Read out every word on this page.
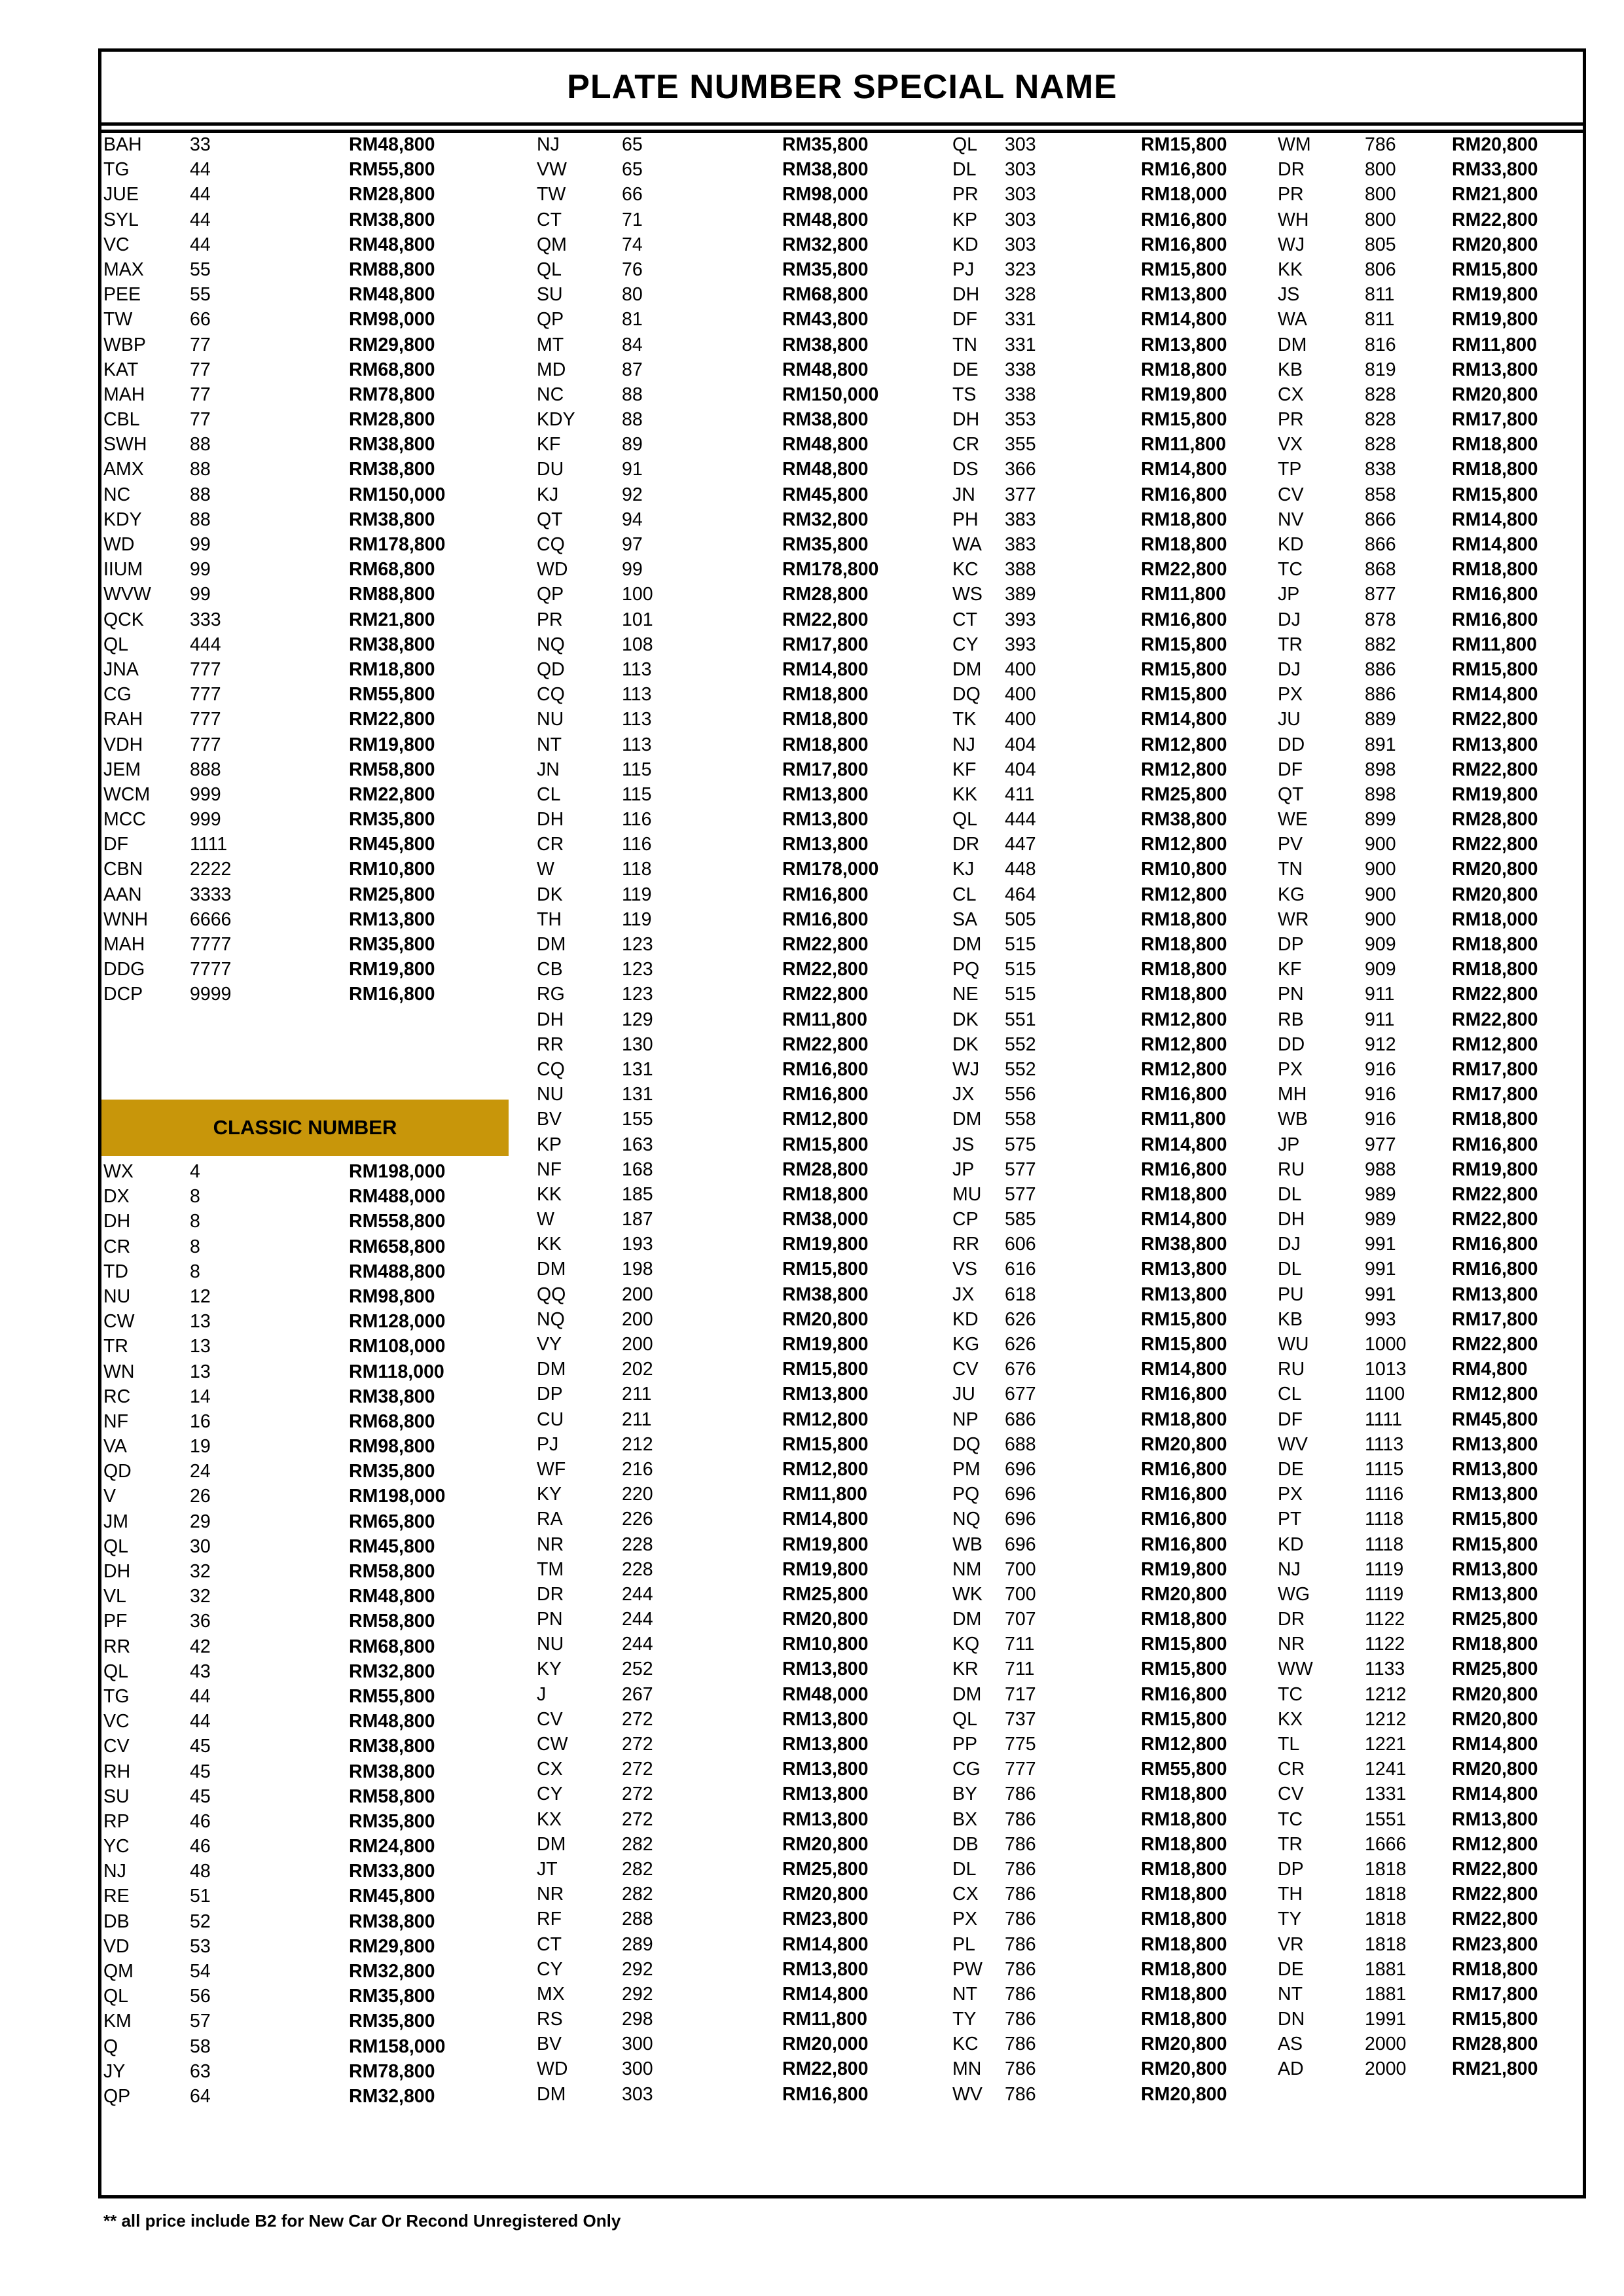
PLATE NUMBER SPECIAL NAME
BAH	33	RM48,800
TG	44	RM55,800
JUE	44	RM28,800
SYL	44	RM38,800
VC	44	RM48,800
MAX 55	RM88,800
PEE	55	RM48,800
TW	66	RM98,000
WBP 77	RM29,800
KAT	77	RM68,800
MAH 77	RM78,800
CBL	77	RM28,800
SWH 88	RM38,800
AMX 88	RM38,800
NC	88	RM150,000
KDY	88	RM38,800
WD	99	RM178,800
IIUM	99	RM68,800
WVW 99	RM88,800
QCK 333	RM21,800
QL	444	RM38,800
JNA	777	RM18,800
CG	777	RM55,800
RAH	777	RM22,800
VDH	777	RM19,800
JEM	888	RM58,800
WCM 999	RM22,800
MCC 999	RM35,800
DF	1111	RM45,800
CBN	2222	RM10,800
AAN	3333	RM25,800
WNH 6666	RM13,800
MAH 7777	RM35,800
DDG 7777	RM19,800
DCP	9999	RM16,800
CLASSIC NUMBER
WX	4	RM198,000
DX	8	RM488,000
DH	8	RM558,800
CR	8	RM658,800
TD	8	RM488,800
NU	12	RM98,800
CW	13	RM128,000
TR	13	RM108,000
WN	13	RM118,000
RC	14	RM38,800
NF	16	RM68,800
VA	19	RM98,800
QD	24	RM35,800
V	26	RM198,000
JM	29	RM65,800
QL	30	RM45,800
DH	32	RM58,800
VL	32	RM48,800
PF	36	RM58,800
RR	42	RM68,800
QL	43	RM32,800
TG	44	RM55,800
VC	44	RM48,800
CV	45	RM38,800
RH	45	RM38,800
SU	45	RM58,800
RP	46	RM35,800
YC	46	RM24,800
NJ	48	RM33,800
RE	51	RM45,800
DB	52	RM38,800
VD	53	RM29,800
QM	54	RM32,800
QL	56	RM35,800
KM	57	RM35,800
Q	58	RM158,000
JY	63	RM78,800
QP	64	RM32,800
NJ	65	RM35,800
VW	65	RM38,800
TW	66	RM98,000
CT	71	RM48,800
QM	74	RM32,800
QL	76	RM35,800
SU	80	RM68,800
QP	81	RM43,800
MT	84	RM38,800
MD	87	RM48,800
NC	88	RM150,000
KDY	88	RM38,800
KF	89	RM48,800
DU	91	RM48,800
KJ	92	RM45,800
QT	94	RM32,800
CQ	97	RM35,800
WD	99	RM178,800
QP	100	RM28,800
PR	101	RM22,800
NQ	108	RM17,800
QD	113	RM14,800
CQ	113	RM18,800
NU	113	RM18,800
NT	113	RM18,800
JN	115	RM17,800
CL	115	RM13,800
DH	116	RM13,800
CR	116	RM13,800
W	118	RM178,000
DK	119	RM16,800
TH	119	RM16,800
DM	123	RM22,800
CB	123	RM22,800
RG	123	RM22,800
DH	129	RM11,800
RR	130	RM22,800
CQ	131	RM16,800
NU	131	RM16,800
BV	155	RM12,800
KP	163	RM15,800
NF	168	RM28,800
KK	185	RM18,800
W	187	RM38,000
KK	193	RM19,800
DM	198	RM15,800
QQ	200	RM38,800
NQ	200	RM20,800
VY	200	RM19,800
DM	202	RM15,800
DP	211	RM13,800
CU	211	RM12,800
PJ	212	RM15,800
WF	216	RM12,800
KY	220	RM11,800
RA	226	RM14,800
NR	228	RM19,800
TM	228	RM19,800
DR	244	RM25,800
PN	244	RM20,800
NU	244	RM10,800
KY	252	RM13,800
J	267	RM48,000
CV	272	RM13,800
CW	272	RM13,800
CX	272	RM13,800
CY	272	RM13,800
KX	272	RM13,800
DM	282	RM20,800
JT	282	RM25,800
NR	282	RM20,800
RF	288	RM23,800
CT	289	RM14,800
CY	292	RM13,800
MX	292	RM14,800
RS	298	RM11,800
BV	300	RM20,000
WD	300	RM22,800
DM	303	RM16,800
QL 303	RM15,800
DL 303	RM16,800
PR 303	RM18,000
KP 303	RM16,800
KD 303	RM16,800
PJ 323	RM15,800
DH 328	RM13,800
DF 331	RM14,800
TN 331	RM13,800
DE 338	RM18,800
TS 338	RM19,800
DH 353	RM15,800
CR 355	RM11,800
DS 366	RM14,800
JN 377	RM16,800
PH 383	RM18,800
WA 383	RM18,800
KC 388	RM22,800
WS 389	RM11,800
CT 393	RM16,800
CY 393	RM15,800
DM 400	RM15,800
DQ 400	RM15,800
TK 400	RM14,800
NJ 404	RM12,800
KF 404	RM12,800
KK 411	RM25,800
QL 444	RM38,800
DR 447	RM12,800
KJ 448	RM10,800
CL 464	RM12,800
SA 505	RM18,800
DM 515	RM18,800
PQ 515	RM18,800
NE 515	RM18,800
DK 551	RM12,800
DK 552	RM12,800
WJ 552	RM12,800
JX 556	RM16,800
DM 558	RM11,800
JS 575	RM14,800
JP 577	RM16,800
MU 577	RM18,800
CP 585	RM14,800
RR 606	RM38,800
VS 616	RM13,800
JX 618	RM13,800
KD 626	RM15,800
KG 626	RM15,800
CV 676	RM14,800
JU 677	RM16,800
NP 686	RM18,800
DQ 688	RM20,800
PM 696	RM16,800
PQ 696	RM16,800
NQ 696	RM16,800
WB 696	RM16,800
NM 700	RM19,800
WK 700	RM20,800
DM 707	RM18,800
KQ 711	RM15,800
KR 711	RM15,800
DM 717	RM16,800
QL 737	RM15,800
PP 775	RM12,800
CG 777	RM55,800
BY 786	RM18,800
BX 786	RM18,800
DB 786	RM18,800
DL 786	RM18,800
CX 786	RM18,800
PX 786	RM18,800
PL 786	RM18,800
PW 786	RM18,800
NT 786	RM18,800
TY 786	RM18,800
KC 786	RM20,800
MN 786	RM20,800
WV 786	RM20,800
WM	786	RM20,800
DR	800	RM33,800
PR	800	RM21,800
WH	800	RM22,800
WJ	805	RM20,800
KK	806	RM15,800
JS	811	RM19,800
WA	811	RM19,800
DM	816	RM11,800
KB	819	RM13,800
CX	828	RM20,800
PR	828	RM17,800
VX	828	RM18,800
TP	838	RM18,800
CV	858	RM15,800
NV	866	RM14,800
KD	866	RM14,800
TC	868	RM18,800
JP	877	RM16,800
DJ	878	RM16,800
TR	882	RM11,800
DJ	886	RM15,800
PX	886	RM14,800
JU	889	RM22,800
DD	891	RM13,800
DF	898	RM22,800
QT	898	RM19,800
WE	899	RM28,800
PV	900	RM22,800
TN	900	RM20,800
KG	900	RM20,800
WR	900	RM18,000
DP	909	RM18,800
KF	909	RM18,800
PN	911	RM22,800
RB	911	RM22,800
DD	912	RM12,800
PX	916	RM17,800
MH	916	RM17,800
WB	916	RM18,800
JP	977	RM16,800
RU	988	RM19,800
DL	989	RM22,800
DH	989	RM22,800
DJ	991	RM16,800
DL	991	RM16,800
PU	991	RM13,800
KB	993	RM17,800
WU	1000 RM22,800
RU	1013 RM4,800
CL	1100	RM12,800
DF	1111	RM45,800
WV	1113	RM13,800
DE	1115	RM13,800
PX	1116	RM13,800
PT	1118	RM15,800
KD	1118	RM15,800
NJ	1119	RM13,800
WG	1119	RM13,800
DR	1122	RM25,800
NR	1122	RM18,800
WW	1133	RM25,800
TC	1212 RM20,800
KX	1212 RM20,800
TL	1221 RM14,800
CR	1241 RM20,800
CV	1331 RM14,800
TC	1551 RM13,800
TR	1666 RM12,800
DP	1818 RM22,800
TH	1818 RM22,800
TY	1818 RM22,800
VR	1818 RM23,800
DE	1881 RM18,800
NT	1881 RM17,800
DN	1991 RM15,800
AS	2000 RM28,800
AD	2000 RM21,800
** all price include B2 for New Car Or Recond Unregistered Only
